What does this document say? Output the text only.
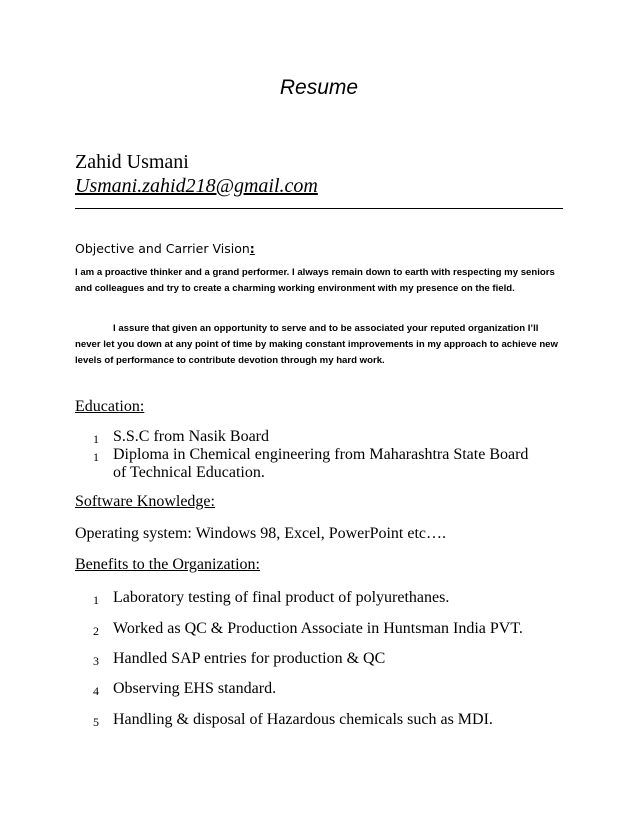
Resume
Zahid Usmani
Usmani.zahid218@gmail.com
Objective and Carrier Vision:
I am a proactive thinker and a grand performer. I always remain down to earth with respecting my seniors and colleagues and try to create a charming working environment with my presence on the field.
I assure that given an opportunity to serve and to be associated your reputed organization I’ll never let you down at any point of time by making constant improvements in my approach to achieve new levels of performance to contribute devotion through my hard work.
Education:
1 S.S.C from Nasik Board
1 Diploma in Chemical engineering from Maharashtra State Board of Technical Education.
Software Knowledge:
Operating system: Windows 98, Excel, PowerPoint etc….
Benefits to the Organization:
1 Laboratory testing of final product of polyurethanes.
2 Worked as QC & Production Associate in Huntsman India PVT.
3 Handled SAP entries for production & QC
4 Observing EHS standard.
5 Handling & disposal of Hazardous chemicals such as MDI.
